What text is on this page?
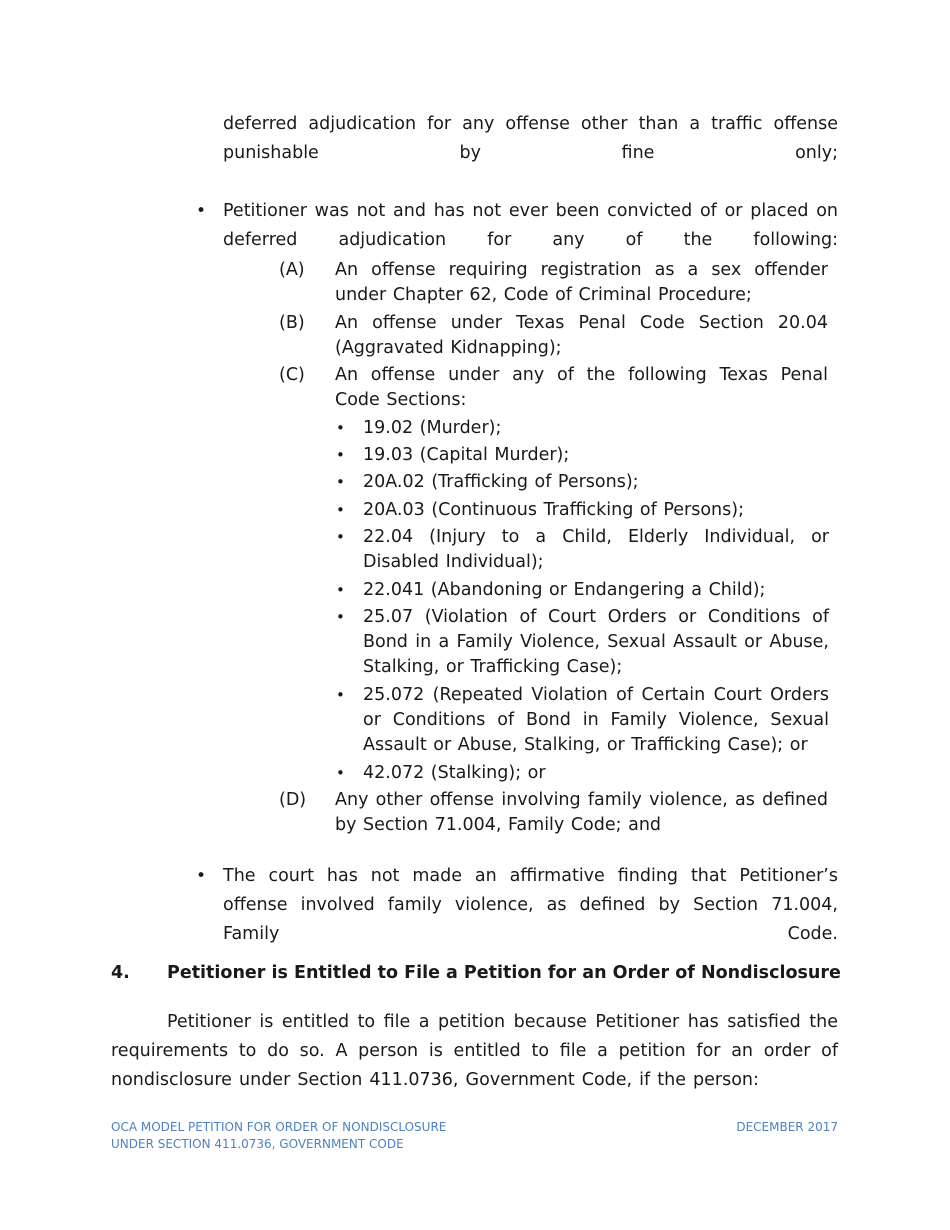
deferred adjudication for any offense other than a traffic offense punishable by fine only;
• Petitioner was not and has not ever been convicted of or placed on deferred adjudication for any of the following:
(A) An offense requiring registration as a sex offender under Chapter 62, Code of Criminal Procedure;
(B) An offense under Texas Penal Code Section 20.04 (Aggravated Kidnapping);
(C) An offense under any of the following Texas Penal Code Sections:
• 19.02 (Murder);
• 19.03 (Capital Murder);
• 20A.02 (Trafficking of Persons);
• 20A.03 (Continuous Trafficking of Persons);
• 22.04 (Injury to a Child, Elderly Individual, or Disabled Individual);
• 22.041 (Abandoning or Endangering a Child);
• 25.07 (Violation of Court Orders or Conditions of Bond in a Family Violence, Sexual Assault or Abuse, Stalking, or Trafficking Case);
• 25.072 (Repeated Violation of Certain Court Orders or Conditions of Bond in Family Violence, Sexual Assault or Abuse, Stalking, or Trafficking Case); or
• 42.072 (Stalking); or
(D) Any other offense involving family violence, as defined by Section 71.004, Family Code; and
• The court has not made an affirmative finding that Petitioner’s offense involved family violence, as defined by Section 71.004, Family Code.
4. Petitioner is Entitled to File a Petition for an Order of Nondisclosure
Petitioner is entitled to file a petition because Petitioner has satisfied the requirements to do so. A person is entitled to file a petition for an order of nondisclosure under Section 411.0736, Government Code, if the person:
OCA MODEL PETITION FOR ORDER OF NONDISCLOSURE
UNDER SECTION 411.0736, GOVERNMENT CODE
DECEMBER 2017
